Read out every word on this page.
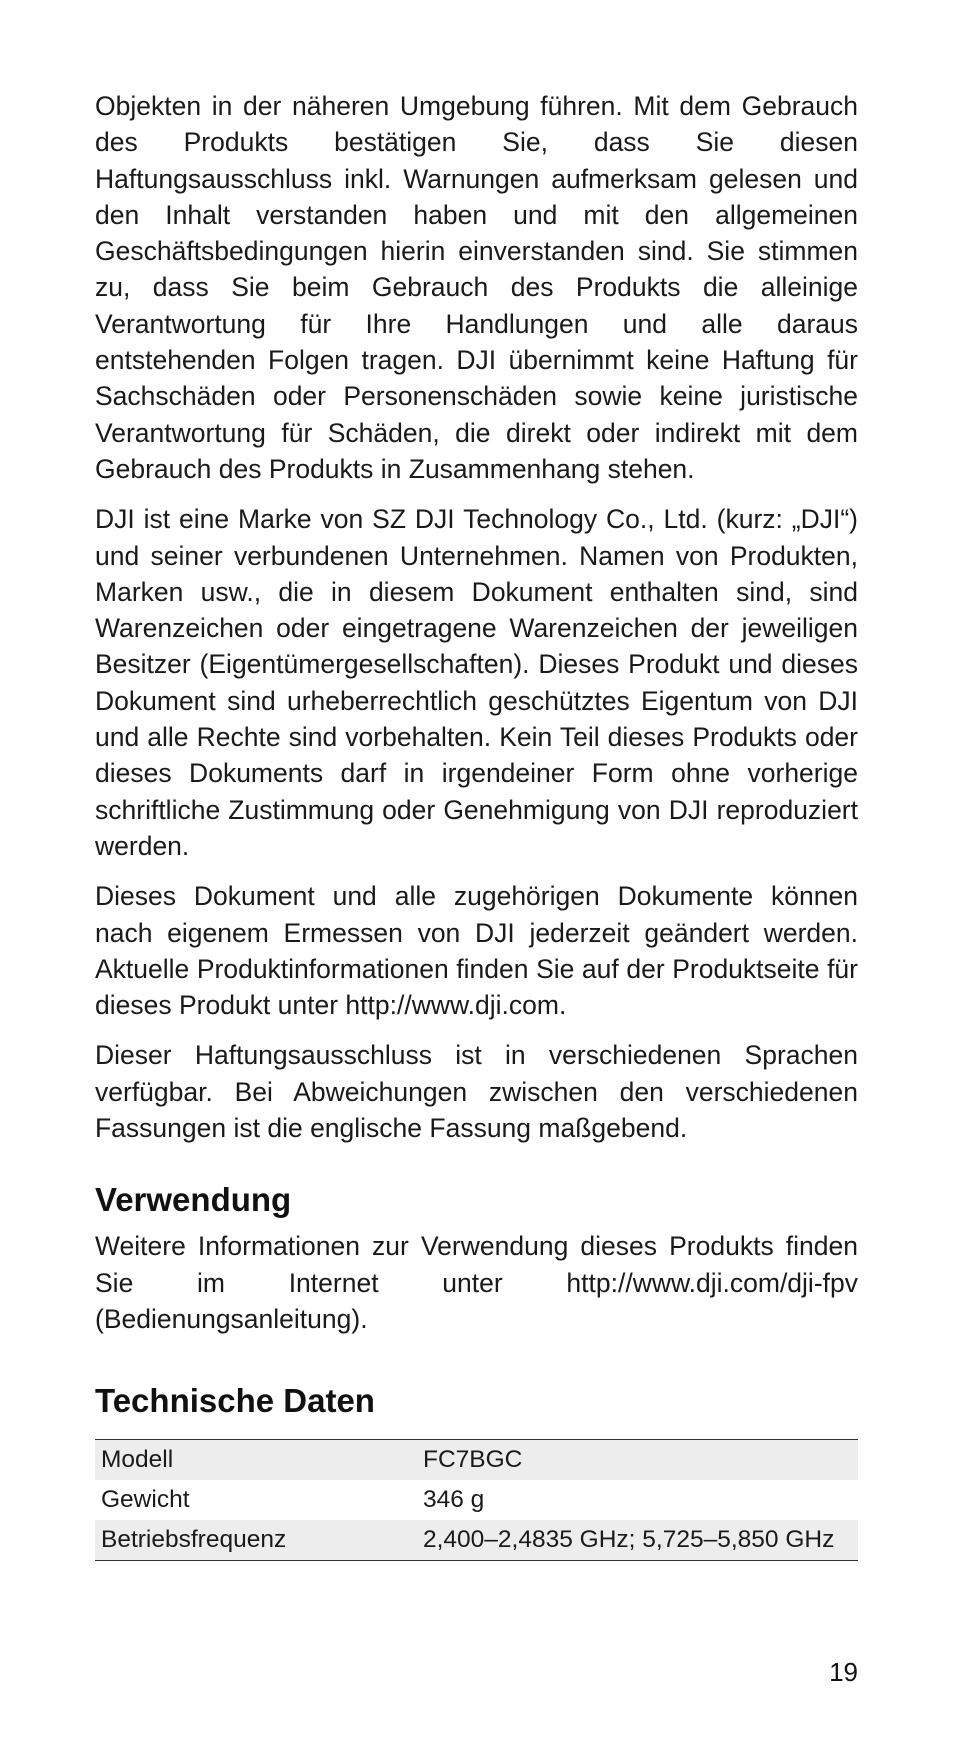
Objekten in der näheren Umgebung führen. Mit dem Gebrauch des Produkts bestätigen Sie, dass Sie diesen Haftungsausschluss inkl. Warnungen aufmerksam gelesen und den Inhalt verstanden haben und mit den allgemeinen Geschäftsbedingungen hierin einverstanden sind. Sie stimmen zu, dass Sie beim Gebrauch des Produkts die alleinige Verantwortung für Ihre Handlungen und alle daraus entstehenden Folgen tragen. DJI übernimmt keine Haftung für Sachschäden oder Personenschäden sowie keine juristische Verantwortung für Schäden, die direkt oder indirekt mit dem Gebrauch des Produkts in Zusammenhang stehen.

DJI ist eine Marke von SZ DJI Technology Co., Ltd. (kurz: „DJI“) und seiner verbundenen Unternehmen. Namen von Produkten, Marken usw., die in diesem Dokument enthalten sind, sind Warenzeichen oder eingetragene Warenzeichen der jeweiligen Besitzer (Eigentümergesellschaften). Dieses Produkt und dieses Dokument sind urheberrechtlich geschütztes Eigentum von DJI und alle Rechte sind vorbehalten. Kein Teil dieses Produkts oder dieses Dokuments darf in irgendeiner Form ohne vorherige schriftliche Zustimmung oder Genehmigung von DJI reproduziert werden.

Dieses Dokument und alle zugehörigen Dokumente können nach eigenem Ermessen von DJI jederzeit geändert werden. Aktuelle Produktinformationen finden Sie auf der Produktseite für dieses Produkt unter http://www.dji.com.

Dieser Haftungsausschluss ist in verschiedenen Sprachen verfügbar. Bei Abweichungen zwischen den verschiedenen Fassungen ist die englische Fassung maßgebend.

Verwendung

Weitere Informationen zur Verwendung dieses Produkts finden Sie im Internet unter http://www.dji.com/dji-fpv (Bedienungsanleitung).

Technische Daten
Modell	FC7BGC
Gewicht	346 g
Betriebsfrequenz	2,400–2,4835 GHz; 5,725–5,850 GHz
19
